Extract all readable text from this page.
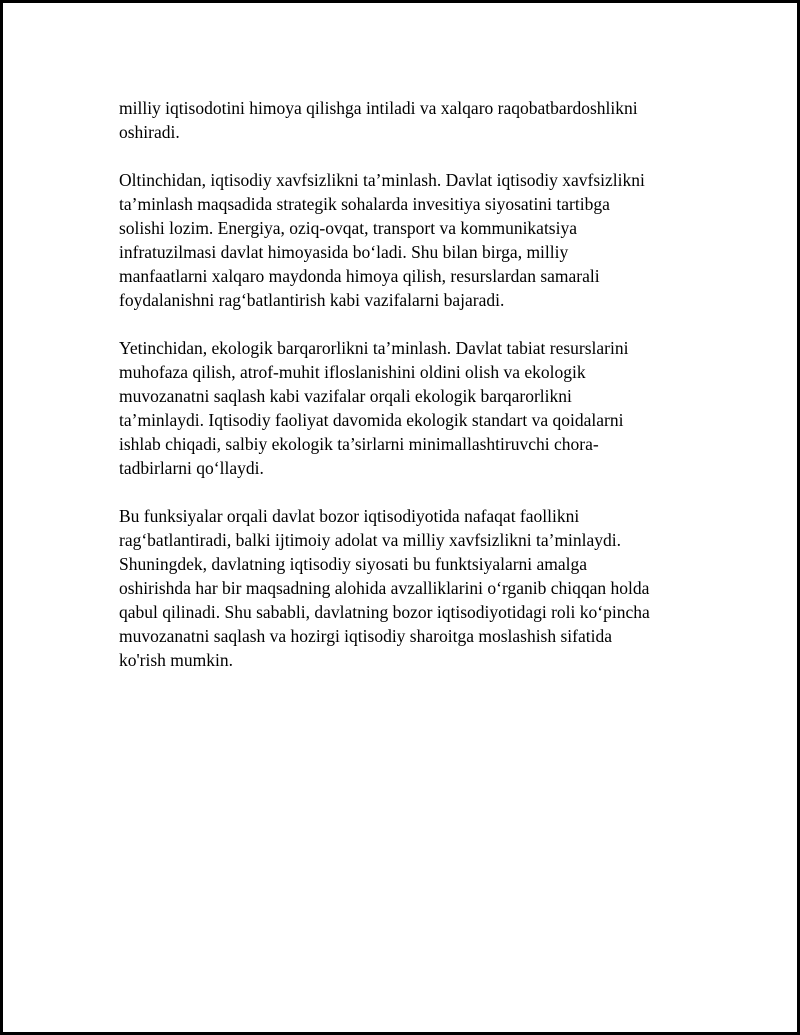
milliy iqtisodotini himoya qilishga intiladi va xalqaro raqobatbardoshlikni
oshiradi.

Oltinchidan, iqtisodiy xavfsizlikni ta’minlash. Davlat iqtisodiy xavfsizlikni
ta’minlash maqsadida strategik sohalarda invesitiya siyosatini tartibga
solishi lozim. Energiya, oziq-ovqat, transport va kommunikatsiya
infratuzilmasi davlat himoyasida bo‘ladi. Shu bilan birga, milliy
manfaatlarni xalqaro maydonda himoya qilish, resurslardan samarali
foydalanishni rag‘batlantirish kabi vazifalarni bajaradi.

Yetinchidan, ekologik barqarorlikni ta’minlash. Davlat tabiat resurslarini
muhofaza qilish, atrof-muhit ifloslanishini oldini olish va ekologik
muvozanatni saqlash kabi vazifalar orqali ekologik barqarorlikni
ta’minlaydi. Iqtisodiy faoliyat davomida ekologik standart va qoidalarni
ishlab chiqadi, salbiy ekologik ta’sirlarni minimallashtiruvchi chora-
tadbirlarni qo‘llaydi.

Bu funksiyalar orqali davlat bozor iqtisodiyotida nafaqat faollikni
rag‘batlantiradi, balki ijtimoiy adolat va milliy xavfsizlikni ta’minlaydi.
Shuningdek, davlatning iqtisodiy siyosati bu funktsiyalarni amalga
oshirishda har bir maqsadning alohida avzalliklarini o‘rganib chiqqan holda
qabul qilinadi. Shu sababli, davlatning bozor iqtisodiyotidagi roli ko‘pincha
muvozanatni saqlash va hozirgi iqtisodiy sharoitga moslashish sifatida
ko'rish mumkin.
